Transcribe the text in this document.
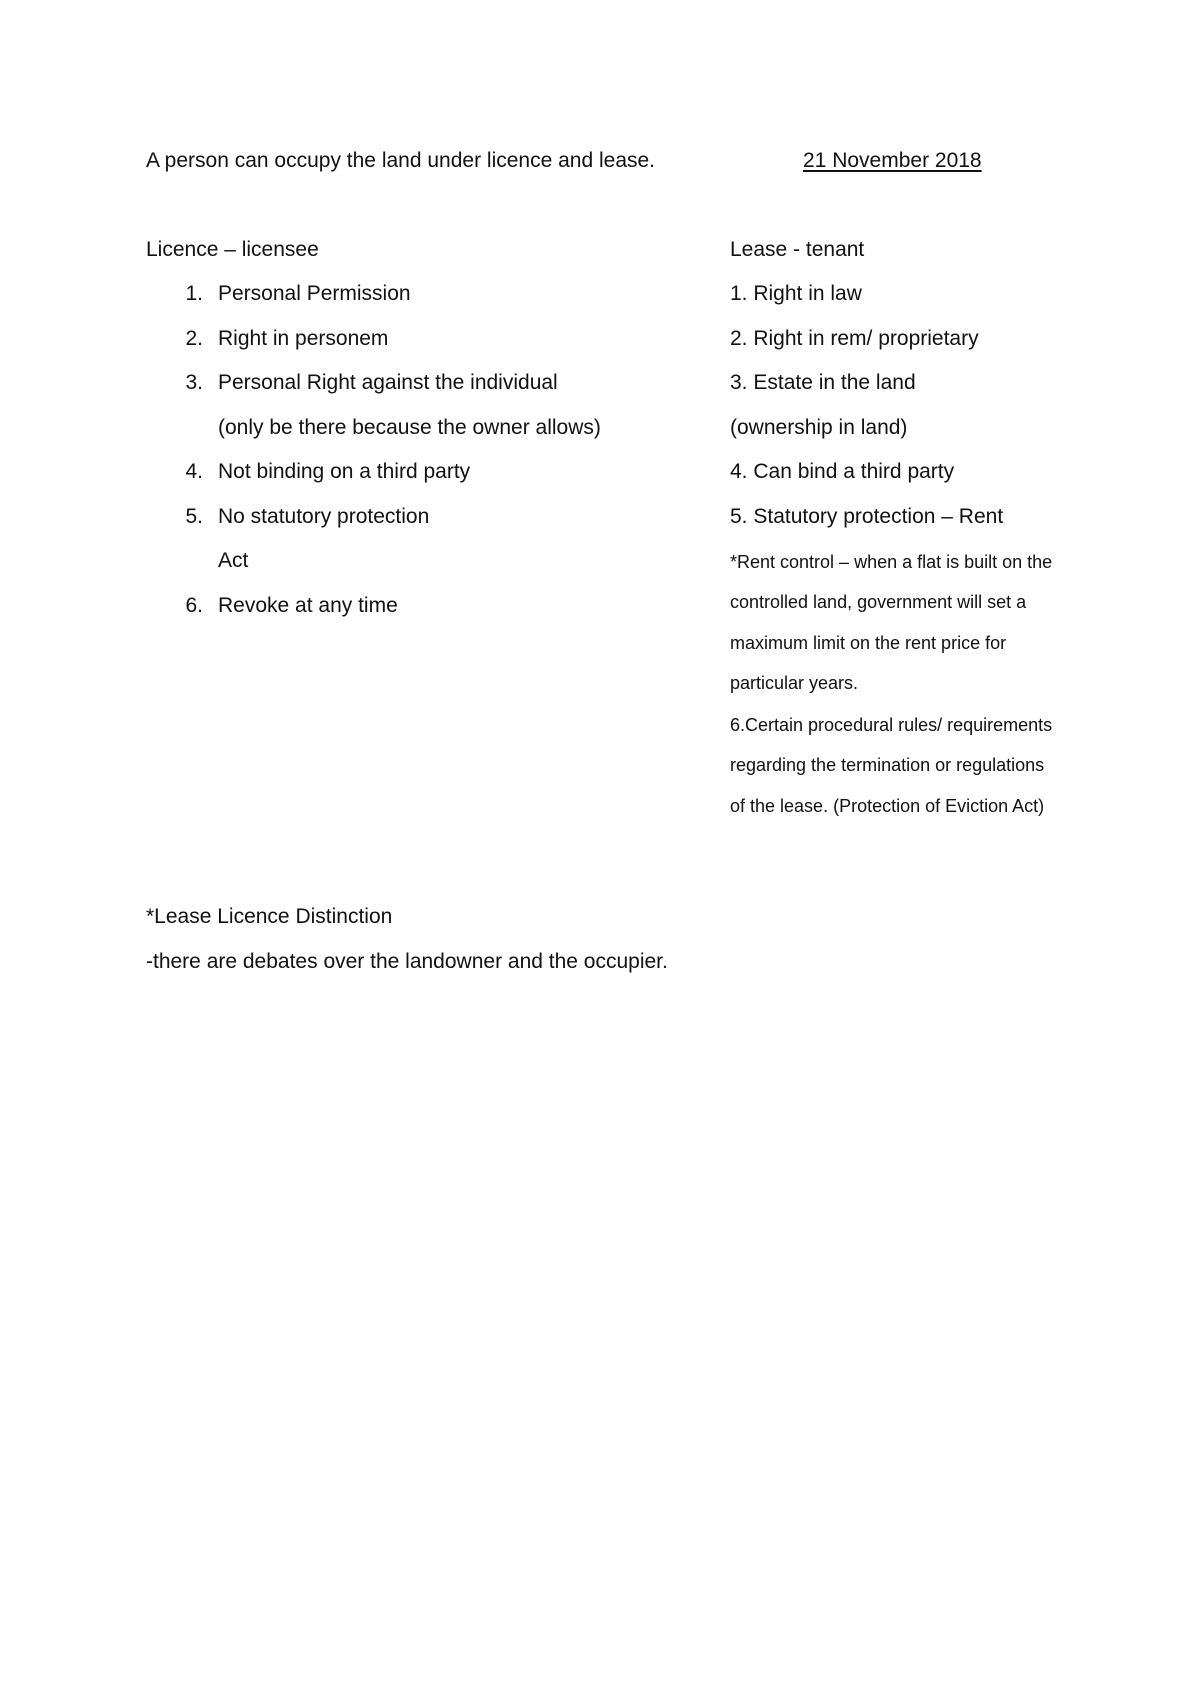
A person can occupy the land under licence and lease.	21 November 2018
Licence – licensee
1. Personal Permission
2. Right in personem
3. Personal Right against the individual
(only be there because the owner allows)
4. Not binding on a third party
5. No statutory protection
Act
6. Revoke at any time
Lease - tenant
1. Right in law
2. Right in rem/ proprietary
3. Estate in the land
(ownership in land)
4. Can bind a third party
5. Statutory protection – Rent
*Rent control – when a flat is built on the
controlled land, government will set a
maximum limit on the rent price for
particular years.
6.Certain procedural rules/ requirements
regarding the termination or regulations
of the lease. (Protection of Eviction Act)
*Lease Licence Distinction
-there are debates over the landowner and the occupier.
